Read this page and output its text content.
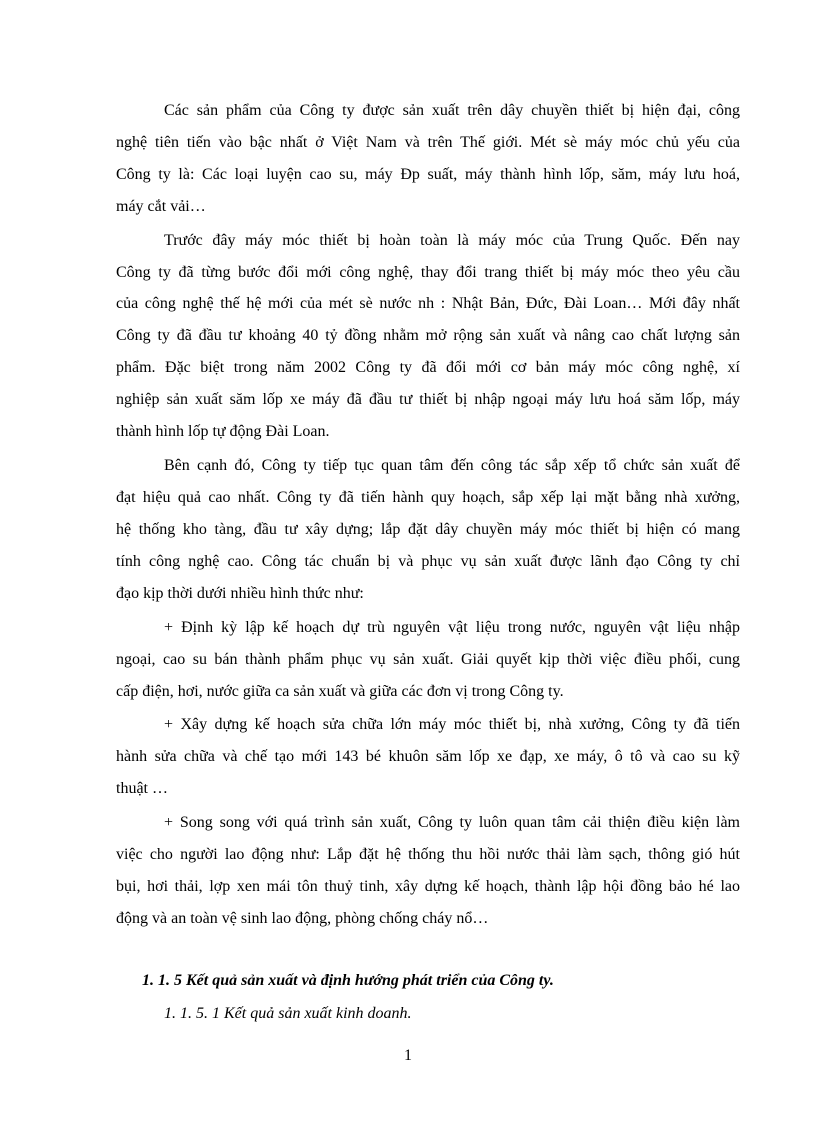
Các sản phẩm của Công ty được sản xuất trên dây chuyền thiết bị hiện đại, công
nghệ tiên tiến vào bậc nhất ở Việt Nam và trên Thế giới. Mét sè máy móc chủ yếu của
Công ty là: Các loại luyện cao su, máy Ðp suất, máy thành hình lốp, săm, máy lưu hoá,
máy cắt vải…
Trước đây máy móc thiết bị hoàn toàn là máy móc của Trung Quốc. Đến nay
Công ty đã từng bước đổi mới công nghệ, thay đổi trang thiết bị máy móc theo yêu cầu
của công nghệ thế hệ mới của mét sè nước nh : Nhật Bản, Đức, Đài Loan… Mới đây nhất
Công ty đã đầu tư khoảng 40 tỷ đồng nhằm mở rộng sản xuất và nâng cao chất lượng sản
phẩm. Đặc biệt trong năm 2002 Công ty đã đổi mới cơ bản máy móc công nghệ, xí
nghiệp sản xuất săm lốp xe máy đã đầu tư thiết bị nhập ngoại máy lưu hoá săm lốp, máy
thành hình lốp tự động Đài Loan.
Bên cạnh đó, Công ty tiếp tục quan tâm đến công tác sắp xếp tổ chức sản xuất để
đạt hiệu quả cao nhất. Công ty đã tiến hành quy hoạch, sắp xếp lại mặt bằng nhà xưởng,
hệ thống kho tàng, đầu tư xây dựng; lắp đặt dây chuyền máy móc thiết bị hiện có mang
tính công nghệ cao. Công tác chuẩn bị và phục vụ sản xuất được lãnh đạo Công ty chỉ
đạo kịp thời dưới nhiều hình thức như:
+ Định kỳ lập kế hoạch dự trù nguyên vật liệu trong nước, nguyên vật liệu nhập
ngoại, cao su bán thành phẩm phục vụ sản xuất. Giải quyết kịp thời việc điều phối, cung
cấp điện, hơi, nước giữa ca sản xuất và giữa các đơn vị trong Công ty.
+ Xây dựng kế hoạch sửa chữa lớn máy móc thiết bị, nhà xưởng, Công ty đã tiến
hành sửa chữa và chế tạo mới 143 bé khuôn săm lốp xe đạp, xe máy, ô tô và cao su kỹ
thuật …
+ Song song với quá trình sản xuất, Công ty luôn quan tâm cải thiện điều kiện làm
việc cho người lao động như: Lắp đặt hệ thống thu hồi nước thải làm sạch, thông gió hút
bụi, hơi thải, lợp xen mái tôn thuỷ tinh, xây dựng kế hoạch, thành lập hội đồng bảo hé lao
động và an toàn vệ sinh lao động, phòng chống cháy nổ…
1. 1. 5 Kết quả sản xuất và định hướng phát triển của Công ty.
1. 1. 5. 1 Kết quả sản xuất kinh doanh.
1
